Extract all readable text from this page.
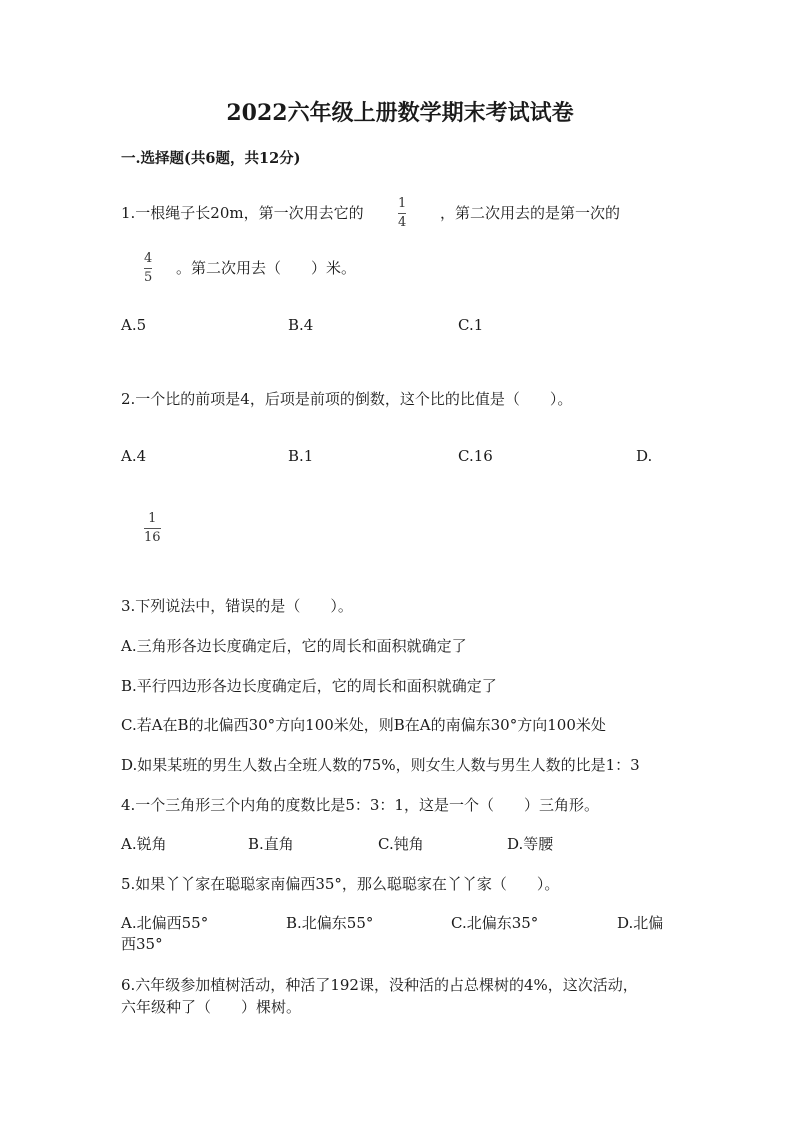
2022六年级上册数学期末考试试卷
一.选择题(共6题，共12分)
1.一根绳子长20m，第一次用去它的
1
4
，第二次用去的是第一次的
4
5
。第二次用去（　　）米。
A.5	B.4	C.1
2.一个比的前项是4，后项是前项的倒数，这个比的比值是（　　）。
A.4	B.1	C.16	D.
1
16
3.下列说法中，错误的是（　　）。
A.三角形各边长度确定后，它的周长和面积就确定了
B.平行四边形各边长度确定后，它的周长和面积就确定了
C.若A在B的北偏西30°方向100米处，则B在A的南偏东30°方向100米处
D.如果某班的男生人数占全班人数的75%，则女生人数与男生人数的比是1：3
4.一个三角形三个内角的度数比是5：3：1，这是一个（　　）三角形。
A.锐角	B.直角	C.钝角	D.等腰
5.如果丫丫家在聪聪家南偏西35°，那么聪聪家在丫丫家（　　）。
A.北偏西55°	B.北偏东55°	C.北偏东35°	D.北偏
西35°
6.六年级参加植树活动，种活了192课，没种活的占总棵树的4%，这次活动，
六年级种了（　　）棵树。
